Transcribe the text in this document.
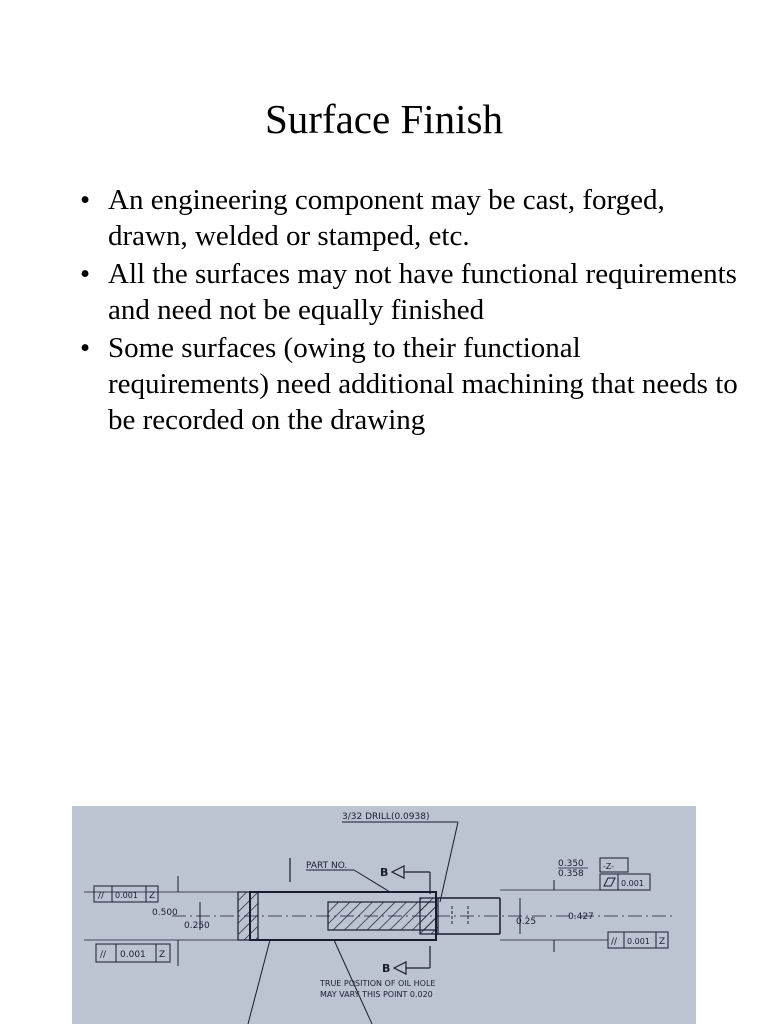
Surface Finish
• An engineering component may be cast, forged, drawn, welded or stamped, etc.
• All the surfaces may not have functional requirements and need not be equally finished
• Some surfaces (owing to their functional requirements) need additional machining that needs to be recorded on the drawing
3/32 DRILL(0.0938)
PART NO.	B
B
0.500
0.250
// 0.001 Z
// 0.001 Z
0.350
0.358
0.427
0.25
-Z-
0.001
// 0.001 Z
TRUE POSITION OF OIL HOLE
MAY VARY THIS POINT 0.020
